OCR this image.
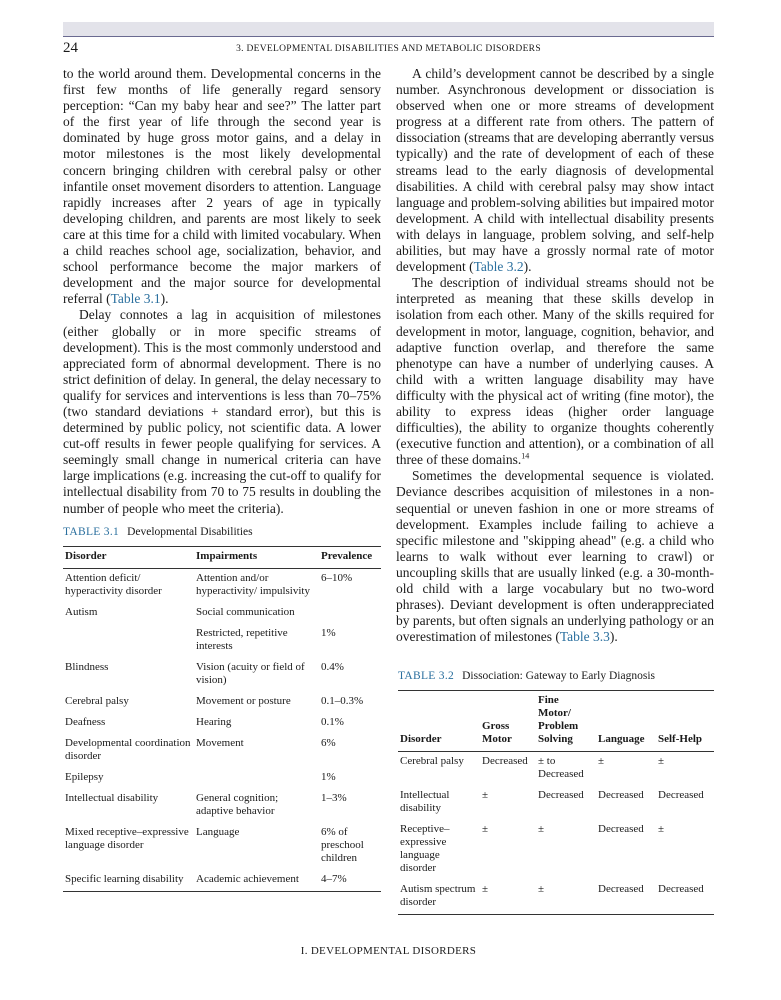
24	3. DEVELOPMENTAL DISABILITIES AND METABOLIC DISORDERS

to the world around them. Developmental concerns in the first few months of life generally regard sensory perception: “Can my baby hear and see?” The latter part of the first year of life through the second year is dominated by huge gross motor gains, and a delay in motor milestones is the most likely developmental concern bringing children with cerebral palsy or other infantile onset movement disorders to attention. Language rapidly increases after 2 years of age in typically developing children, and parents are most likely to seek care at this time for a child with limited vocabulary. When a child reaches school age, socialization, behavior, and school performance become the major markers of development and the major source for developmental referral (Table 3.1).

Delay connotes a lag in acquisition of milestones (either globally or in more specific streams of development). This is the most commonly understood and appreciated form of abnormal development. There is no strict definition of delay. In general, the delay necessary to qualify for services and interventions is less than 70–75% (two standard deviations + standard error), but this is determined by public policy, not scientific data. A lower cut-off results in fewer people qualifying for services. A seemingly small change in numerical criteria can have large implications (e.g. increasing the cut-off to qualify for intellectual disability from 70 to 75 results in doubling the number of people who meet the criteria).

A child’s development cannot be described by a single number. Asynchronous development or dissociation is observed when one or more streams of development progress at a different rate from others. The pattern of dissociation (streams that are developing aberrantly versus typically) and the rate of development of each of these streams lead to the early diagnosis of developmental disabilities. A child with cerebral palsy may show intact language and problem-solving abilities but impaired motor development. A child with intellectual disability presents with delays in language, problem solving, and self-help abilities, but may have a grossly normal rate of motor development (Table 3.2).

The description of individual streams should not be interpreted as meaning that these skills develop in isolation from each other. Many of the skills required for development in motor, language, cognition, behavior, and adaptive function overlap, and therefore the same phenotype can have a number of underlying causes. A child with a written language disability may have difficulty with the physical act of writing (fine motor), the ability to express ideas (higher order language difficulties), the ability to organize thoughts coherently (executive function and attention), or a combination of all three of these domains.$^{14}$

Sometimes the developmental sequence is violated. Deviance describes acquisition of milestones in a non-sequential or uneven fashion in one or more streams of development. Examples include failing to achieve a specific milestone and "skipping ahead" (e.g. a child who learns to walk without ever learning to crawl) or uncoupling skills that are usually linked (e.g. a 30-month-old child with a large vocabulary but no two-word phrases). Deviant development is often underappreciated by parents, but often signals an underlying pathology or an overestimation of milestones (Table 3.3).

TABLE 3.1 Developmental Disabilities
Disorder	Impairments	Prevalence
Attention deficit/ hyperactivity disorder	Attention and/or hyperactivity/ impulsivity	6–10%
Autism	Social communication	
	Restricted, repetitive interests	1%
Blindness	Vision (acuity or field of vision)	0.4%
Cerebral palsy	Movement or posture	0.1–0.3%
Deafness	Hearing	0.1%
Developmental coordination disorder	Movement	6%
Epilepsy		1%
Intellectual disability	General cognition; adaptive behavior	1–3%
Mixed receptive–expressive language disorder	Language	6% of preschool children
Specific learning disability	Academic achievement	4–7%
TABLE 3.2 Dissociation: Gateway to Early Diagnosis
Disorder	Gross Motor	Fine Motor/ Problem Solving	Language	Self-Help
Cerebral palsy	Decreased	± to Decreased	±	±
Intellectual disability	±	Decreased	Decreased	Decreased
Receptive–expressive language disorder	±	±	Decreased	±
Autism spectrum disorder	±	±	Decreased	Decreased
I. DEVELOPMENTAL DISORDERS
